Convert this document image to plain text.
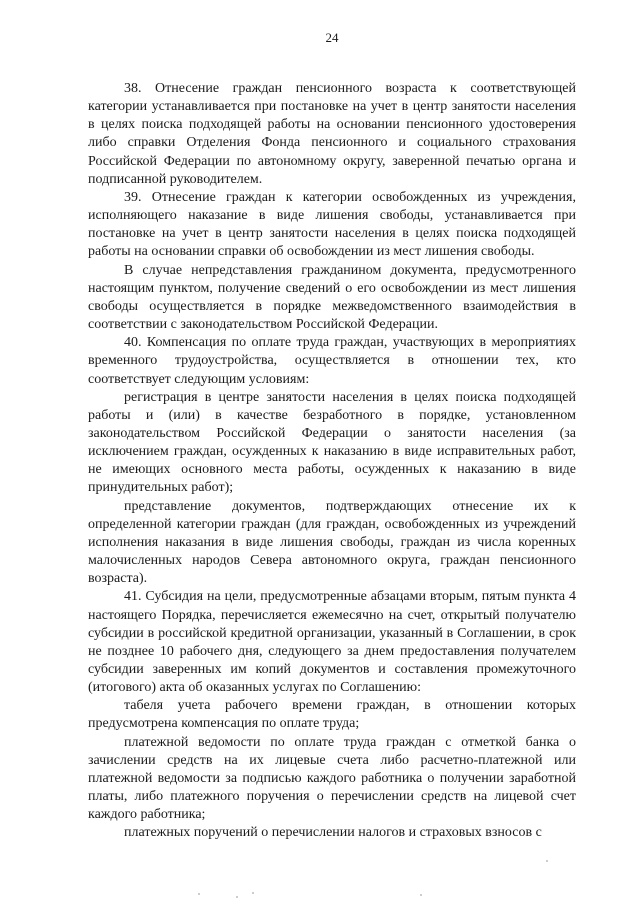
24

38. Отнесение граждан пенсионного возраста к соответствующей категории устанавливается при постановке на учет в центр занятости населения в целях поиска подходящей работы на основании пенсионного удостоверения либо справки Отделения Фонда пенсионного и социального страхования Российской Федерации по автономному округу, заверенной печатью органа и подписанной руководителем.

39. Отнесение граждан к категории освобожденных из учреждения, исполняющего наказание в виде лишения свободы, устанавливается при постановке на учет в центр занятости населения в целях поиска подходящей работы на основании справки об освобождении из мест лишения свободы.

В случае непредставления гражданином документа, предусмотренного настоящим пунктом, получение сведений о его освобождении из мест лишения свободы осуществляется в порядке межведомственного взаимодействия в соответствии с законодательством Российской Федерации.

40. Компенсация по оплате труда граждан, участвующих в мероприятиях временного трудоустройства, осуществляется в отношении тех, кто соответствует следующим условиям:

регистрация в центре занятости населения в целях поиска подходящей работы и (или) в качестве безработного в порядке, установленном законодательством Российской Федерации о занятости населения (за исключением граждан, осужденных к наказанию в виде исправительных работ, не имеющих основного места работы, осужденных к наказанию в виде принудительных работ);

представление документов, подтверждающих отнесение их к определенной категории граждан (для граждан, освобожденных из учреждений исполнения наказания в виде лишения свободы, граждан из числа коренных малочисленных народов Севера автономного округа, граждан пенсионного возраста).

41. Субсидия на цели, предусмотренные абзацами вторым, пятым пункта 4 настоящего Порядка, перечисляется ежемесячно на счет, открытый получателю субсидии в российской кредитной организации, указанный в Соглашении, в срок не позднее 10 рабочего дня, следующего за днем предоставления получателем субсидии заверенных им копий документов и составления промежуточного (итогового) акта об оказанных услугах по Соглашению:

табеля учета рабочего времени граждан, в отношении которых предусмотрена компенсация по оплате труда;

платежной ведомости по оплате труда граждан с отметкой банка о зачислении средств на их лицевые счета либо расчетно-платежной или платежной ведомости за подписью каждого работника о получении заработной платы, либо платежного поручения о перечислении средств на лицевой счет каждого работника;

платежных поручений о перечислении налогов и страховых взносов с
